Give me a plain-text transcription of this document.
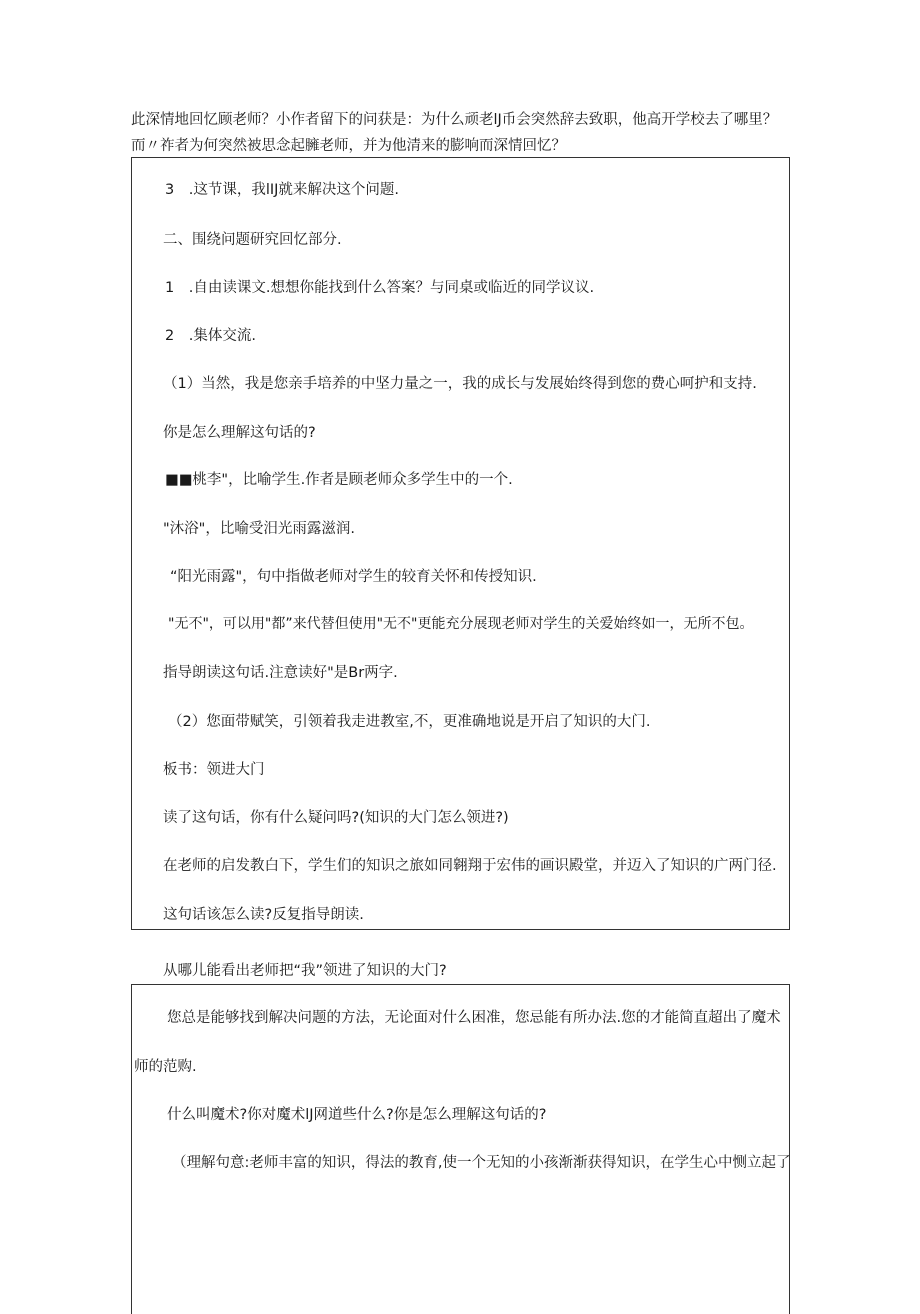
此深情地回忆顾老师？小作者留下的问获是：为什么顽老lJ币会突然辞去致职，他高开学校去了哪里？
而〃祚者为何突然被思念起臃老师，并为他清来的膨响而深情回忆？
3　.这节课，我lIJ就来解决这个问题.
二、围绕问题研究回忆部分.
1　.自由读课文.想想你能找到什么答案？与同桌或临近的同学议议.
2　.集体交流.
（1）当然，我是您亲手培养的中坚力量之一，我的成长与发展始终得到您的费心呵护和支持.
你是怎么理解这句话的?
■■桃李"，比喻学生.作者是顾老师众多学生中的一个.
"沐浴"，比喻受汨光雨露滋润.
“阳光雨露"，句中指做老师对学生的较育关怀和传授知识.
"无不"，可以用"都”来代替但使用"无不"更能充分展现老师对学生的关爱始终如一，无所不包。
指导朗读这句话.注意读好"是Br两字.
（2）您面带赋笑，引领着我走进教室,不，更准确地说是开启了知识的大门.
板书：领进大门
读了这句话，你有什么疑问吗?(知识的大门怎么领进?)
在老师的启发教白下，学生们的知识之旅如同翱翔于宏伟的画识殿堂，并迈入了知识的广两门径.
这句话该怎么读?反复指导朗读.
从哪儿能看出老师把“我”领进了知识的大门?
您总是能够找到解决问题的方法，无论面对什么困准，您忌能有所办法.您的才能简直超出了魔术
师的范购.
什么叫魔术?你对魔术lJ网道些什么?你是怎么理解这句话的?
（理解句意:老师丰富的知识，得法的教育,使一个无知的小孩渐渐获得知识，在学生心中恻立起了
